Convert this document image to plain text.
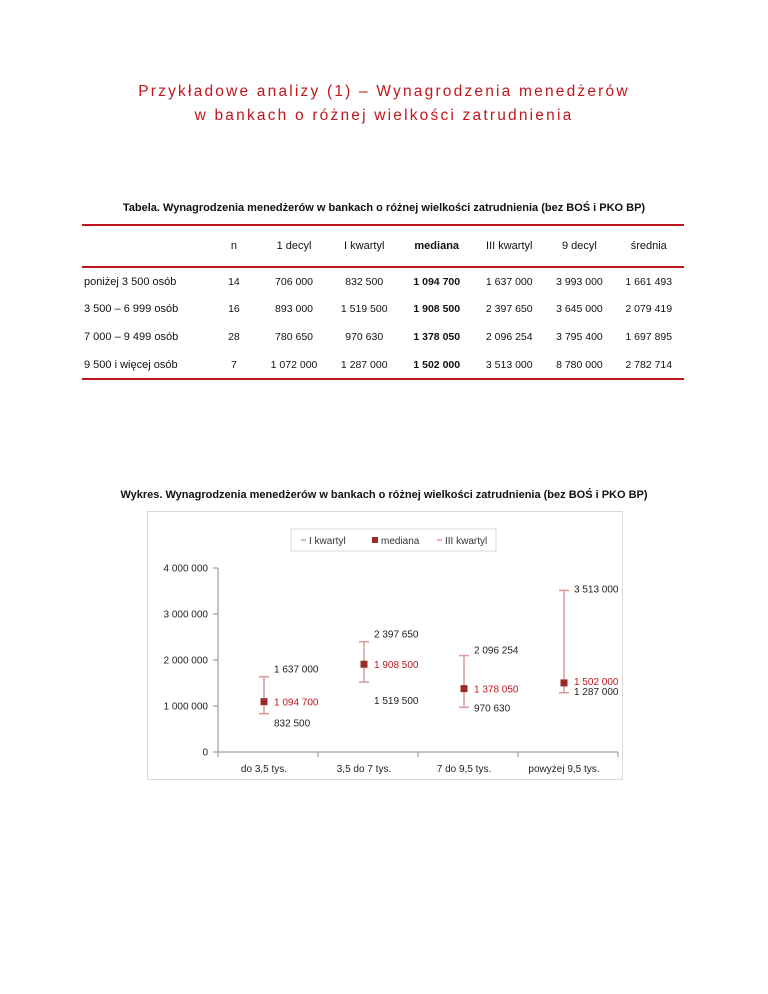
Przykładowe analizy (1) – Wynagrodzenia menedżerów
w bankach o różnej wielkości zatrudnienia
Tabela. Wynagrodzenia menedżerów w bankach o różnej wielkości zatrudnienia (bez BOŚ i PKO BP)
	n	1 decyl	I kwartyl	mediana	III kwartyl	9 decyl	średnia
poniżej 3 500 osób	14	706 000	832 500	1 094 700	1 637 000	3 993 000	1 661 493
3 500 – 6 999 osób	16	893 000	1 519 500	1 908 500	2 397 650	3 645 000	2 079 419
7 000 – 9 499 osób	28	780 650	970 630	1 378 050	2 096 254	3 795 400	1 697 895
9 500 i więcej osób	7	1 072 000	1 287 000	1 502 000	3 513 000	8 780 000	2 782 714
Wykres. Wynagrodzenia menedżerów w bankach o różnej wielkości zatrudnienia (bez BOŚ i PKO BP)
0
1 000 000
2 000 000
3 000 000
4 000 000
do 3,5 tys.	3,5 do 7 tys.	7 do 9,5 tys.	powyżej 9,5 tys.
I kwartyl	mediana	III kwartyl
1 637 000
1 094 700
832 500
2 397 650
1 908 500
1 519 500
2 096 254
1 378 050
970 630
3 513 000
1 502 000
1 287 000
